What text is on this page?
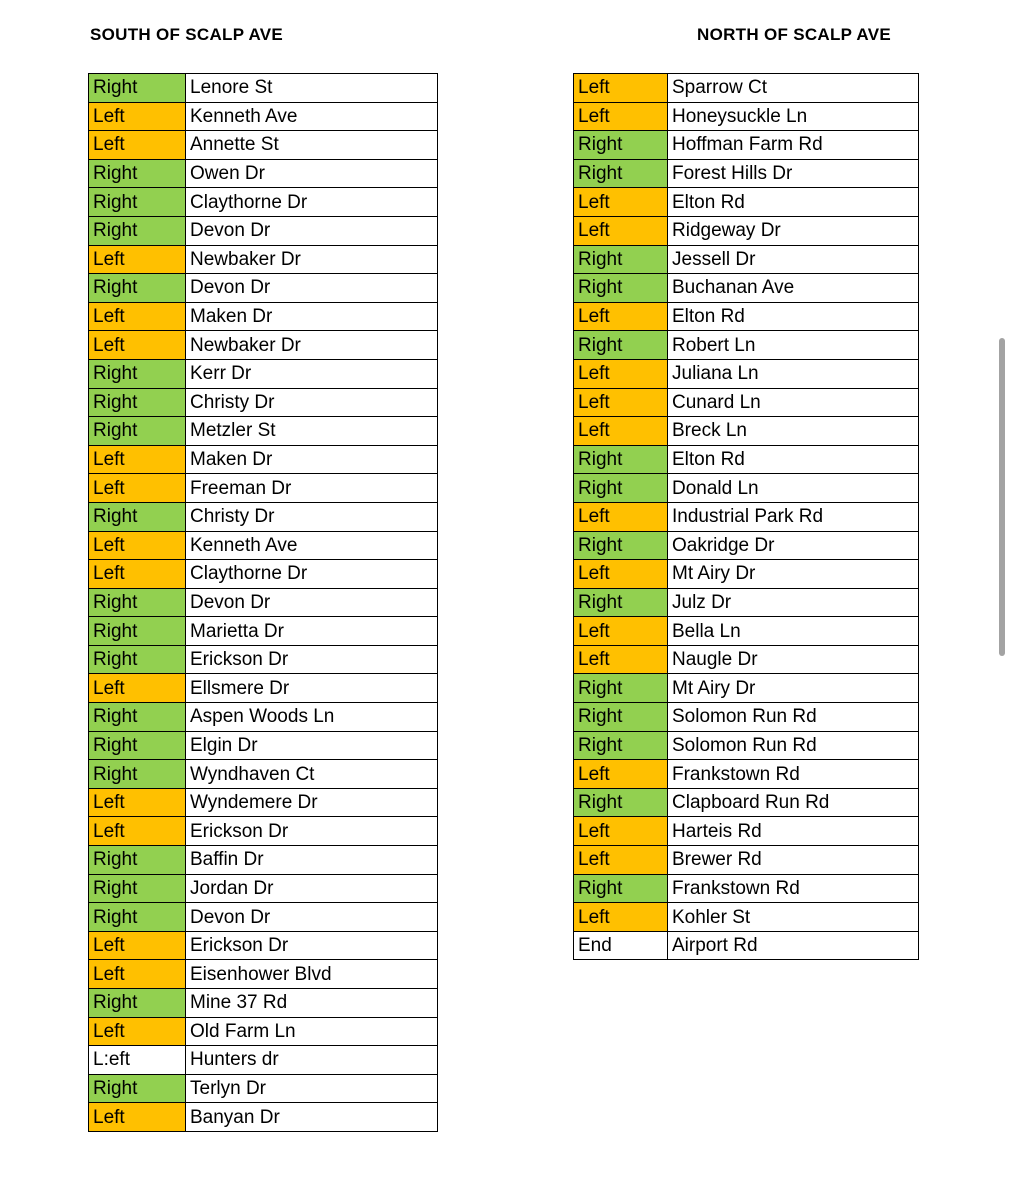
SOUTH OF SCALP AVE	NORTH OF SCALP AVE
Right	Lenore St
Left	Kenneth Ave
Left	Annette St
Right	Owen Dr
Right	Claythorne Dr
Right	Devon Dr
Left	Newbaker Dr
Right	Devon Dr
Left	Maken Dr
Left	Newbaker Dr
Right	Kerr Dr
Right	Christy Dr
Right	Metzler St
Left	Maken Dr
Left	Freeman Dr
Right	Christy Dr
Left	Kenneth Ave
Left	Claythorne Dr
Right	Devon Dr
Right	Marietta Dr
Right	Erickson Dr
Left	Ellsmere Dr
Right	Aspen Woods Ln
Right	Elgin Dr
Right	Wyndhaven Ct
Left	Wyndemere Dr
Left	Erickson Dr
Right	Baffin Dr
Right	Jordan Dr
Right	Devon Dr
Left	Erickson Dr
Left	Eisenhower Blvd
Right	Mine 37 Rd
Left	Old Farm Ln
L:eft	Hunters dr
Right	Terlyn Dr
Left	Banyan Dr
Left	Sparrow Ct
Left	Honeysuckle Ln
Right	Hoffman Farm Rd
Right	Forest Hills Dr
Left	Elton Rd
Left	Ridgeway Dr
Right	Jessell Dr
Right	Buchanan Ave
Left	Elton Rd
Right	Robert Ln
Left	Juliana Ln
Left	Cunard Ln
Left	Breck Ln
Right	Elton Rd
Right	Donald Ln
Left	Industrial Park Rd
Right	Oakridge Dr
Left	Mt Airy Dr
Right	Julz Dr
Left	Bella Ln
Left	Naugle Dr
Right	Mt Airy Dr
Right	Solomon Run Rd
Right	Solomon Run Rd
Left	Frankstown Rd
Right	Clapboard Run Rd
Left	Harteis Rd
Left	Brewer Rd
Right	Frankstown Rd
Left	Kohler St
End	Airport Rd
